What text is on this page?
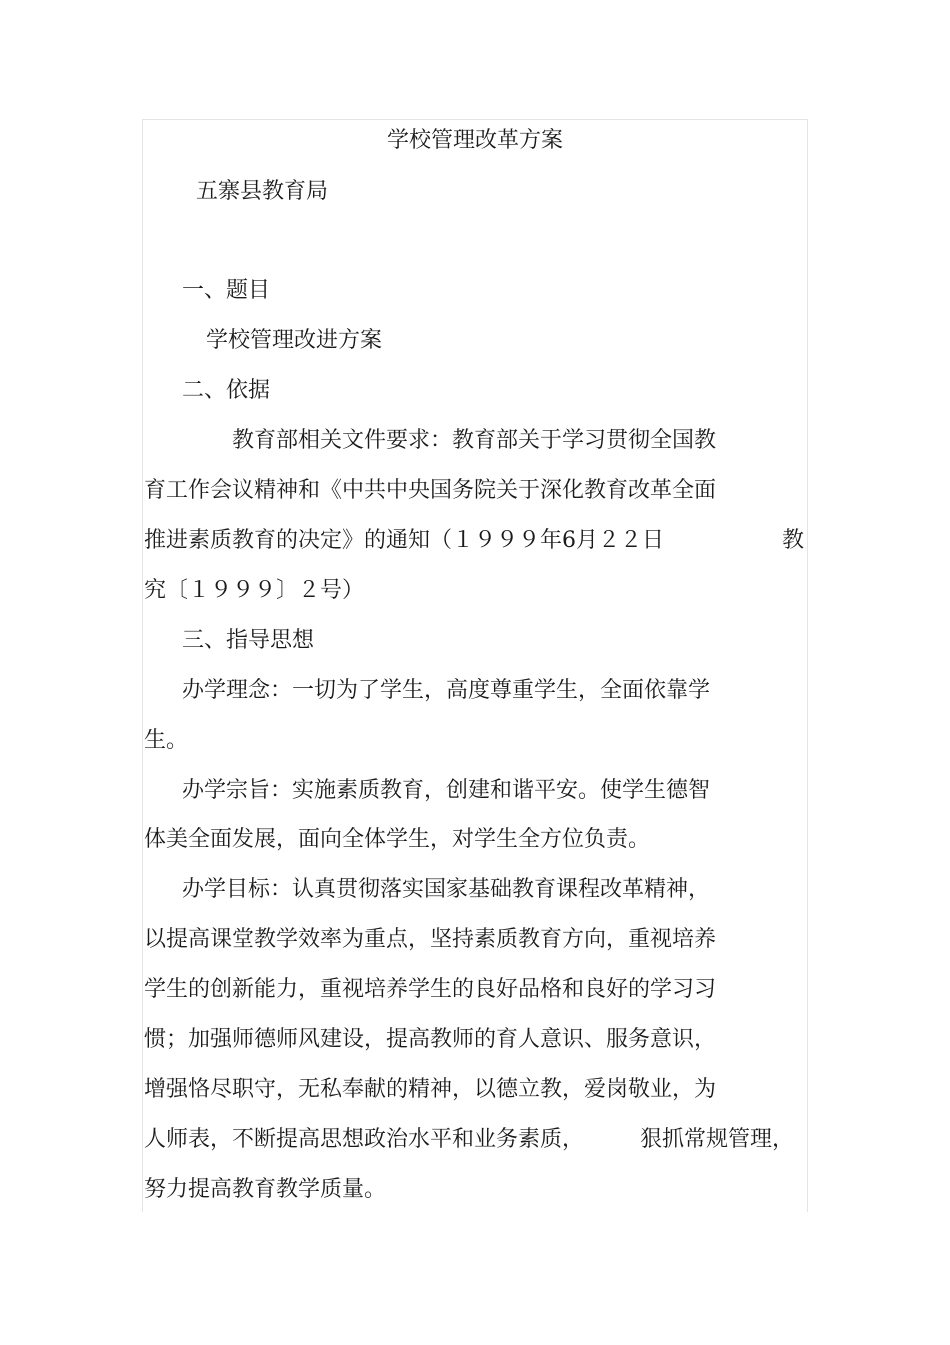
学校管理改革方案

五寨县教育局

一、题目

学校管理改进方案

二、依据

教育部相关文件要求：教育部关于学习贯彻全国教

育工作会议精神和《中共中央国务院关于深化教育改革全面

推进素质教育的决定》的通知（１９９９年6月２２日	教

究〔１９９９〕２号）

三、指导思想

办学理念：一切为了学生，高度尊重学生，全面依靠学

生。

办学宗旨：实施素质教育，创建和谐平安。使学生德智

体美全面发展，面向全体学生，对学生全方位负责。

办学目标：认真贯彻落实国家基础教育课程改革精神，

以提高课堂教学效率为重点，坚持素质教育方向，重视培养

学生的创新能力，重视培养学生的良好品格和良好的学习习

惯；加强师德师风建设，提高教师的育人意识、服务意识，

增强恪尽职守，无私奉献的精神，以德立教，爱岗敬业，为

人师表，不断提高思想政治水平和业务素质，	狠抓常规管理，

努力提高教育教学质量。
